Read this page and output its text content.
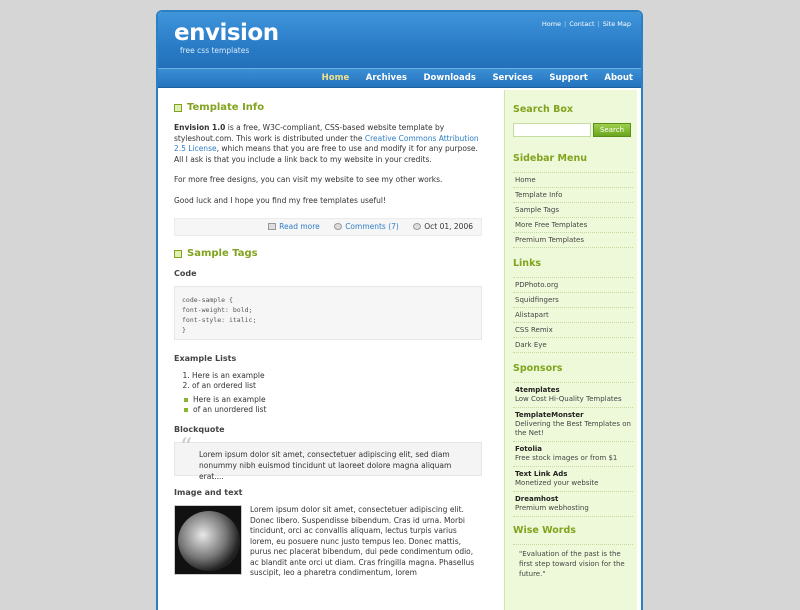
envision
free css templates
Home | Contact | Site Map
Home Archives Downloads Services Support About
Template Info

Envision 1.0 is a free, W3C-compliant, CSS-based website template by styleshout.com. This work is distributed under the Creative Commons Attribution 2.5 License, which means that you are free to use and modify it for any purpose. All I ask is that you include a link back to my website in your credits.

For more free designs, you can visit my website to see my other works.

Good luck and I hope you find my free templates useful!

Read more	Comments (7)	Oct 01, 2006
Sample Tags
Code
code-sample {
font-weight: bold;
font-style: italic;
}
Example Lists
1. Here is an example
2. of an ordered list
Here is an example
of an unordered list
Blockquote
“ Lorem ipsum dolor sit amet, consectetuer adipiscing elit, sed diam nonummy nibh euismod tincidunt ut laoreet dolore magna aliquam erat....
Image and text

Lorem ipsum dolor sit amet, consectetuer adipiscing elit. Donec libero. Suspendisse bibendum. Cras id urna. Morbi tincidunt, orci ac convallis aliquam, lectus turpis varius lorem, eu posuere nunc justo tempus leo. Donec mattis, purus nec placerat bibendum, dui pede condimentum odio, ac blandit ante orci ut diam. Cras fringilla magna. Phasellus suscipit, leo a pharetra condimentum, lorem

Search Box
Search
Sidebar Menu
Home
Template Info
Sample Tags
More Free Templates
Premium Templates
Links
PDPhoto.org
Squidfingers
Alistapart
CSS Remix
Dark Eye
Sponsors
4templates
Low Cost Hi-Quality Templates
TemplateMonster
Delivering the Best Templates on the Net!
Fotolia
Free stock images or from $1
Text Link Ads
Monetized your website
Dreamhost
Premium webhosting
Wise Words
"Evaluation of the past is the first step toward vision for the future."
